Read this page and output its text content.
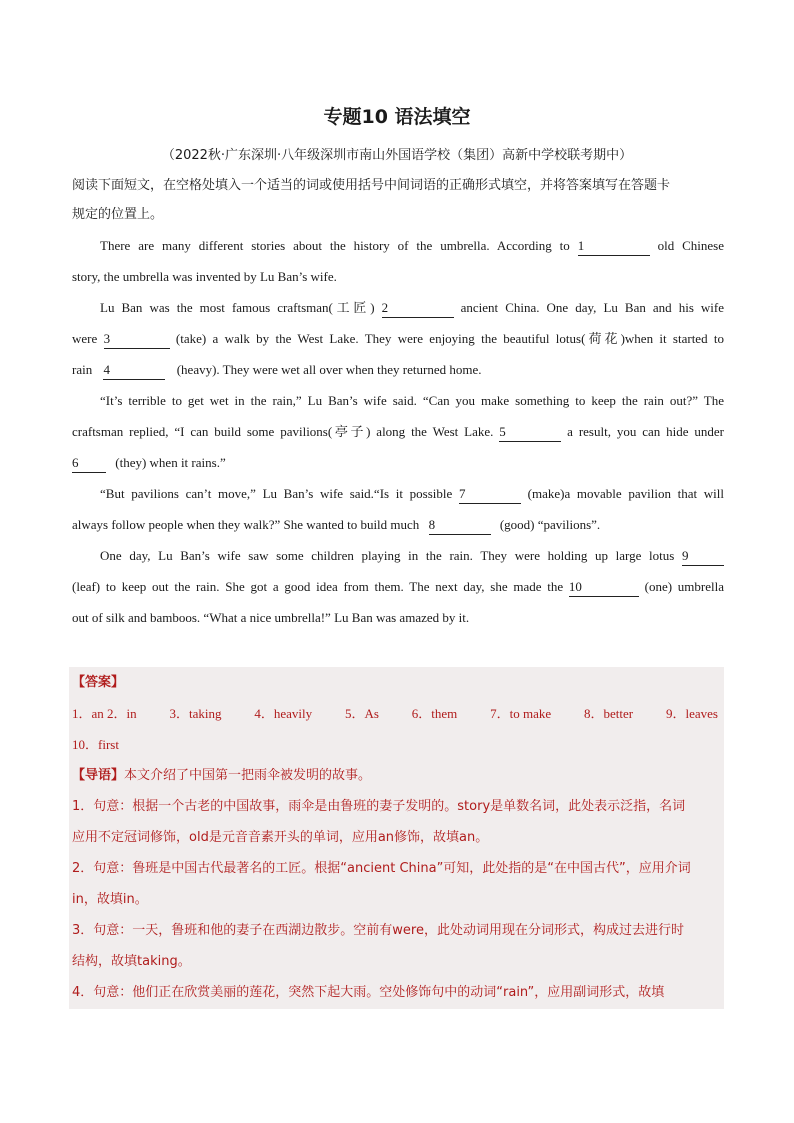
专题10 语法填空
（2022秋·广东深圳·八年级深圳市南山外国语学校（集团）高新中学校联考期中）
阅读下面短文，在空格处填入一个适当的词或使用括号中间词语的正确形式填空，并将答案填写在答题卡
规定的位置上。

There are many different stories about the history of the umbrella. According to 1	old Chinese

story, the umbrella was invented by Lu Ban’s wife.

Lu Ban was the most famous craftsman(工匠) 2	ancient China. One day, Lu Ban and his wife

were 3	(take) a walk by the West Lake. They were enjoying the beautiful lotus(荷花)when it started to

rain 4	(heavy). They were wet all over when they returned home.

“It’s terrible to get wet in the rain,” Lu Ban’s wife said. “Can you make something to keep the rain out?” The

craftsman replied, “I can build some pavilions(亭子) along the West Lake. 5	a result, you can hide under

6	(they) when it rains.”

“But pavilions can’t move,” Lu Ban’s wife said.“Is it possible 7	(make)a movable pavilion that will

always follow people when they walk?” She wanted to build much 8	(good) “pavilions”.

One day, Lu Ban’s wife saw some children playing in the rain. They were holding up large lotus 9

(leaf) to keep out the rain. She got a good idea from them. The next day, she made the 10	(one) umbrella

out of silk and bamboos. “What a nice umbrella!” Lu Ban was amazed by it.

【答案】
1．an 2．in	3．taking	4．heavily	5．As	6．them	7．to make	8．better	9．leaves
10．first
【导语】本文介绍了中国第一把雨伞被发明的故事。
1．句意：根据一个古老的中国故事，雨伞是由鲁班的妻子发明的。story是单数名词，此处表示泛指，名词
应用不定冠词修饰，old是元音音素开头的单词，应用an修饰，故填an。
2．句意：鲁班是中国古代最著名的工匠。根据“ancient China”可知，此处指的是“在中国古代”，应用介词
in，故填in。
3．句意：一天，鲁班和他的妻子在西湖边散步。空前有were，此处动词用现在分词形式，构成过去进行时
结构，故填taking。
4．句意：他们正在欣赏美丽的莲花，突然下起大雨。空处修饰句中的动词“rain”，应用副词形式，故填
